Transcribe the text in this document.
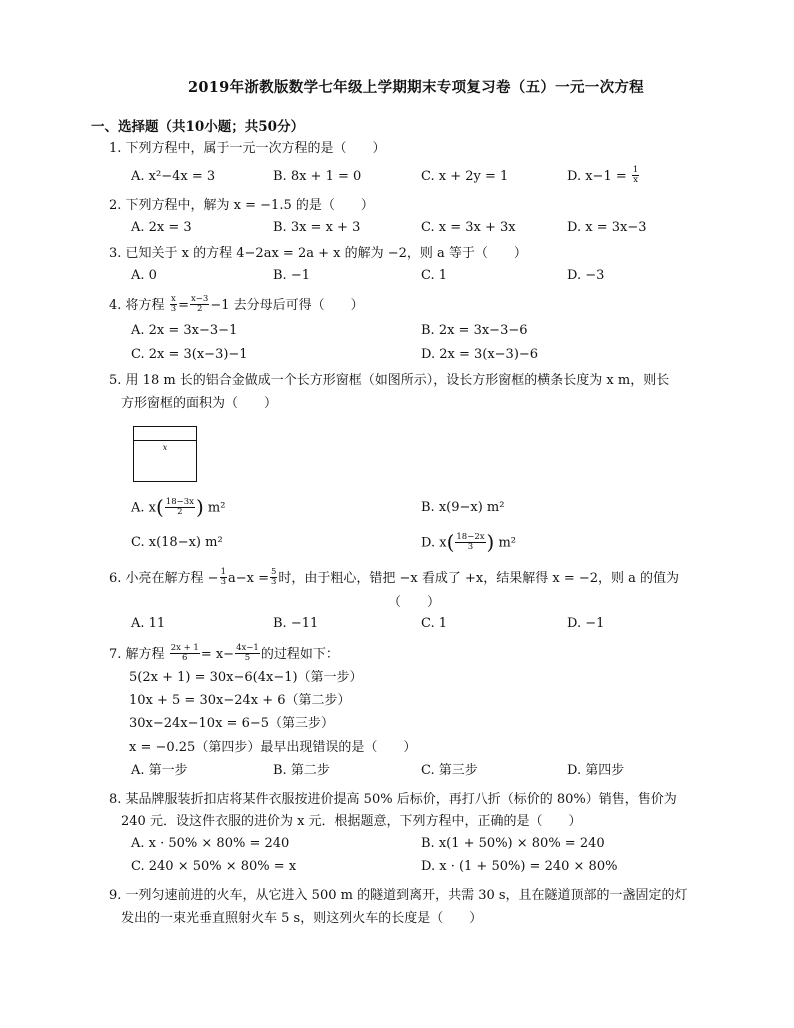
2019年浙教版数学七年级上学期期末专项复习卷（五）一元一次方程
一、选择题（共10小题；共50分）
1. 下列方程中，属于一元一次方程的是（　　）
A. x²−4x = 3	B. 8x + 1 = 0	C. x + 2y = 1	D. $x-1 = \frac{1}{x}$
2. 下列方程中，解为 x = −1.5 的是（　　）
A. 2x = 3	B. 3x = x + 3	C. x = 3x + 3x	D. x = 3x−3
3. 已知关于 x 的方程 4−2ax = 2a + x 的解为 −2，则 a 等于（　　）
A. 0	B. −1	C. 1	D. −3
4. 将方程 $\frac{x}{3} = \frac{x-3}{2} -1$ 去分母后可得（　　）
A. 2x = 3x−3−1	B. 2x = 3x−3−6
C. 2x = 3(x−3)−1	D. 2x = 3(x−3)−6
5. 用 18 m 长的铝合金做成一个长方形窗框（如图所示），设长方形窗框的横条长度为 x m，则长
方形窗框的面积为（　　）
x
A. $x( \frac{18-3x}{2}$ ) m²	B. x(9−x) m²
C. x(18−x) m²	D. $x( \frac{18-2x}{3}$ ) m²
6. 小亮在解方程 − $\frac{1}{3} a-x = \frac{5}{3}$ 时，由于粗心，错把 −x 看成了 +x，结果解得 x = −2，则 a 的值为
（　　）
A. 11	B. −11	C. 1	D. −1
7. 解方程 $\frac{2x + 1}{6} = x- \frac{4x-1}{5}$ 的过程如下：
5(2x + 1) = 30x−6(4x−1)（第一步）
10x + 5 = 30x−24x + 6（第二步）
30x−24x−10x = 6−5（第三步）
x = −0.25（第四步）最早出现错误的是（　　）
A. 第一步	B. 第二步	C. 第三步	D. 第四步
8. 某品牌服装折扣店将某件衣服按进价提高 50% 后标价，再打八折（标价的 80%）销售，售价为
240 元．设这件衣服的进价为 x 元．根据题意，下列方程中，正确的是（　　）
A. x · 50% × 80% = 240	B. x(1 + 50%) × 80% = 240
C. 240 × 50% × 80% = x	D. x · (1 + 50%) = 240 × 80%
9. 一列匀速前进的火车，从它进入 500 m 的隧道到离开，共需 30 s，且在隧道顶部的一盏固定的灯
发出的一束光垂直照射火车 5 s，则这列火车的长度是（　　）
